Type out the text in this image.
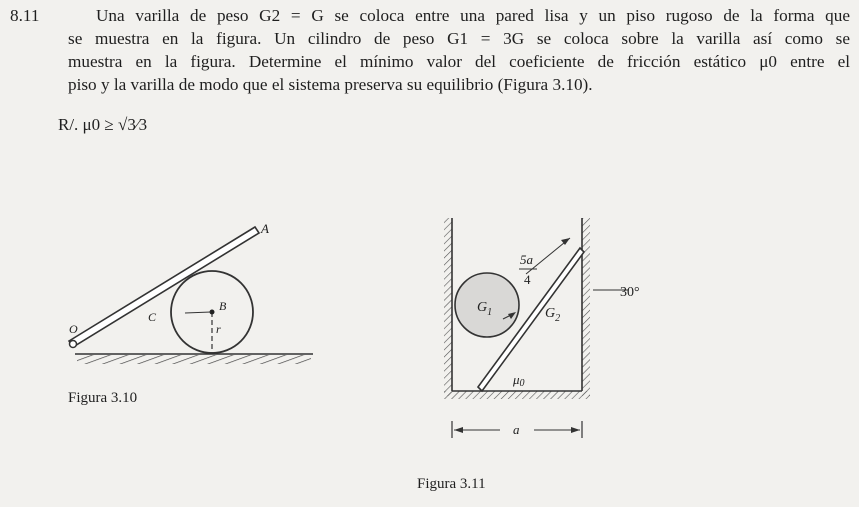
8.11	Una varilla de peso G2 = G se coloca entre una pared lisa y un piso rugoso de la forma que
se muestra en la figura. Un cilindro de peso G1 = 3G se coloca sobre la varilla así como se
muestra en la figura. Determine el mínimo valor del coeficiente de fricción estático μ0 entre el
piso y la varilla de modo que el sistema preserva su equilibrio (Figura 3.10).
R/. μ0 ≥ √3⁄3
A
B
C
O	r
Figura 3.10
5a
4
30°
$G_1$	$G_2$
μ0
a
Figura 3.11
